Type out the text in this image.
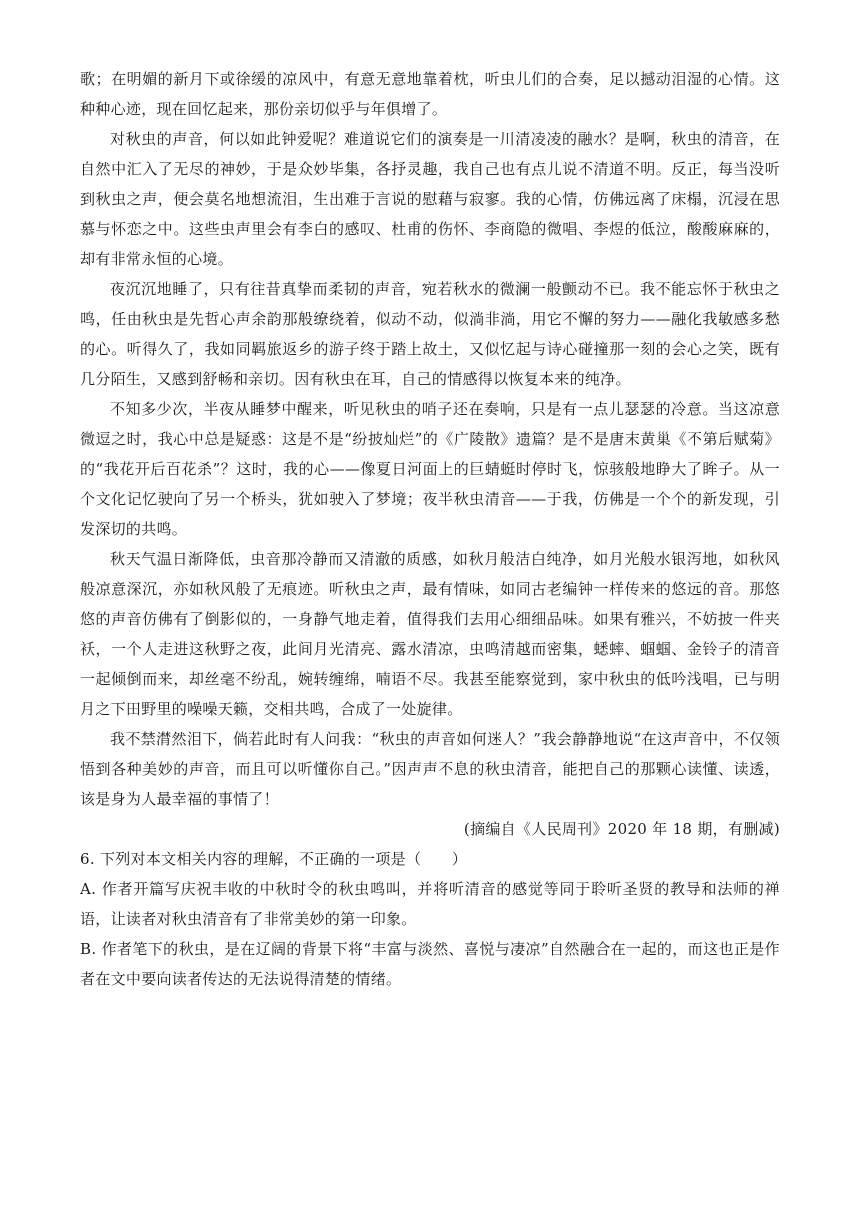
歌；在明媚的新月下或徐缓的凉风中，有意无意地靠着枕，听虫儿们的合奏，足以撼动泪湿的心情。这种种心迹，现在回忆起来，那份亲切似乎与年俱增了。

对秋虫的声音，何以如此钟爱呢？难道说它们的演奏是一川清凌凌的融水？是啊，秋虫的清音，在自然中汇入了无尽的神妙，于是众妙毕集，各抒灵趣，我自己也有点儿说不清道不明。反正，每当没听到秋虫之声，便会莫名地想流泪，生出难于言说的慰藉与寂寥。我的心情，仿佛远离了床榻，沉浸在思慕与怀恋之中。这些虫声里会有李白的感叹、杜甫的伤怀、李商隐的微唱、李煜的低泣，酸酸麻麻的，却有非常永恒的心境。

夜沉沉地睡了，只有往昔真挚而柔韧的声音，宛若秋水的微澜一般颤动不已。我不能忘怀于秋虫之鸣，任由秋虫是先哲心声余韵那般缭绕着，似动不动，似淌非淌，用它不懈的努力——融化我敏感多愁的心。听得久了，我如同羁旅返乡的游子终于踏上故土，又似忆起与诗心碰撞那一刻的会心之笑，既有几分陌生，又感到舒畅和亲切。因有秋虫在耳，自己的情感得以恢复本来的纯净。

不知多少次，半夜从睡梦中醒来，听见秋虫的哨子还在奏响，只是有一点儿瑟瑟的冷意。当这凉意微逗之时，我心中总是疑惑：这是不是“纷披灿烂”的《广陵散》遗篇？是不是唐末黄巢《不第后赋菊》的“我花开后百花杀”？这时，我的心——像夏日河面上的巨蜻蜓时停时飞，惊骇般地睁大了眸子。从一个文化记忆驶向了另一个桥头，犹如驶入了梦境；夜半秋虫清音——于我，仿佛是一个个的新发现，引发深切的共鸣。

秋天气温日渐降低，虫音那冷静而又清澈的质感，如秋月般洁白纯净，如月光般水银泻地，如秋风般凉意深沉，亦如秋风般了无痕迹。听秋虫之声，最有情味，如同古老编钟一样传来的悠远的音。那悠悠的声音仿佛有了倒影似的，一身静气地走着，值得我们去用心细细品味。如果有雅兴，不妨披一件夹袄，一个人走进这秋野之夜，此间月光清亮、露水清凉，虫鸣清越而密集，蟋蟀、蝈蝈、金铃子的清音一起倾倒而来，却丝毫不纷乱，婉转缠绵，喃语不尽。我甚至能察觉到，家中秋虫的低吟浅唱，已与明月之下田野里的噪噪天籁，交相共鸣，合成了一处旋律。

我不禁潸然泪下，倘若此时有人问我：“秋虫的声音如何迷人？”我会静静地说“在这声音中，不仅领悟到各种美妙的声音，而且可以听懂你自己。”因声声不息的秋虫清音，能把自己的那颗心读懂、读透，该是身为人最幸福的事情了！

(摘编自《人民周刊》2020 年 18 期，有删减)

6. 下列对本文相关内容的理解，不正确的一项是（　　）

A. 作者开篇写庆祝丰收的中秋时令的秋虫鸣叫，并将听清音的感觉等同于聆听圣贤的教导和法师的禅语，让读者对秋虫清音有了非常美妙的第一印象。

B. 作者笔下的秋虫，是在辽阔的背景下将“丰富与淡然、喜悦与凄凉”自然融合在一起的，而这也正是作者在文中要向读者传达的无法说得清楚的情绪。
